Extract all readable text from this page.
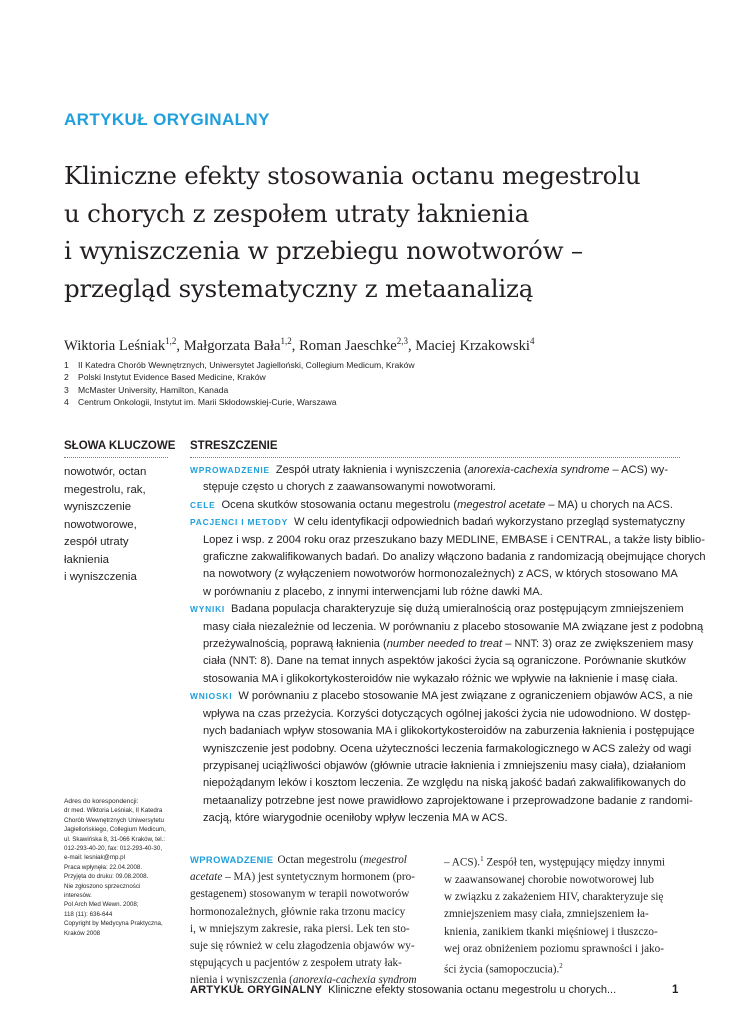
ARTYKUŁ ORYGINALNY
Kliniczne efekty stosowania octanu megestrolu
u chorych z zespołem utraty łaknienia
i wyniszczenia w przebiegu nowotworów –
przegląd systematyczny z metaanalizą
Wiktoria Leśniak$^{1,2}$, Małgorzata Bała$^{1,2}$, Roman Jaeschke$^{2,3}$, Maciej Krzakowski$^4$
1 II Katedra Chorób Wewnętrznych, Uniwersytet Jagielloński, Collegium Medicum, Kraków
2 Polski Instytut Evidence Based Medicine, Kraków
3 McMaster University, Hamilton, Kanada
4 Centrum Onkologii, Instytut im. Marii Skłodowskiej-Curie, Warszawa
SŁOWA KLUCZOWE
nowotwór, octan
megestrolu, rak,
wyniszczenie
nowotworowe,
zespół utraty
łaknienia
i wyniszczenia
STRESZCZENIE
WPROWADZENIE Zespół utraty łaknienia i wyniszczenia (anorexia-cachexia syndrome – ACS) wy-
stępuje często u chorych z zaawansowanymi nowotworami.
CELE Ocena skutków stosowania octanu megestrolu (megestrol acetate – MA) u chorych na ACS.
PACJENCI I METODY W celu identyfikacji odpowiednich badań wykorzystano przegląd systematyczny
Lopez i wsp. z 2004 roku oraz przeszukano bazy MEDLINE, EMBASE i CENTRAL, a także listy biblio-
graficzne zakwalifikowanych badań. Do analizy włączono badania z randomizacją obejmujące chorych
na nowotwory (z wyłączeniem nowotworów hormonozależnych) z ACS, w których stosowano MA
w porównaniu z placebo, z innymi interwencjami lub różne dawki MA.
WYNIKI Badana populacja charakteryzuje się dużą umieralnością oraz postępującym zmniejszeniem
masy ciała niezależnie od leczenia. W porównaniu z placebo stosowanie MA związane jest z podobną
przeżywalnością, poprawą łaknienia (number needed to treat – NNT: 3) oraz ze zwiększeniem masy
ciała (NNT: 8). Dane na temat innych aspektów jakości życia są ograniczone. Porównanie skutków
stosowania MA i glikokortykosteroidów nie wykazało różnic we wpływie na łaknienie i masę ciała.
WNIOSKI W porównaniu z placebo stosowanie MA jest związane z ograniczeniem objawów ACS, a nie
wpływa na czas przeżycia. Korzyści dotyczących ogólnej jakości życia nie udowodniono. W dostęp-
nych badaniach wpływ stosowania MA i glikokortykosteroidów na zaburzenia łaknienia i postępujące
wyniszczenie jest podobny. Ocena użyteczności leczenia farmakologicznego w ACS zależy od wagi
przypisanej uciążliwości objawów (głównie utracie łaknienia i zmniejszeniu masy ciała), działaniom
niepożądanym leków i kosztom leczenia. Ze względu na niską jakość badań zakwalifikowanych do
metaanalizy potrzebne jest nowe prawidłowo zaprojektowane i przeprowadzone badanie z randomi-
zacją, które wiarygodnie oceniłoby wpływ leczenia MA w ACS.
Adres do korespondencji:
dr med. Wiktoria Leśniak, II Katedra
Chorób Wewnętrznych Uniwersytetu
Jagiellońskiego, Collegium Medicum,
ul. Skawińska 8, 31-066 Kraków, tel.:
012-293-40-20, fax: 012-293-40-30,
e-mail: lesniak@mp.pl
Praca wpłynęła: 22.04.2008.
Przyjęta do druku: 09.08.2008.
Nie zgłoszono sprzeczności
interesów.
Pol Arch Med Wewn. 2008;
118 (11): 636-644
Copyright by Medycyna Praktyczna,
Kraków 2008
WPROWADZENIE Octan megestrolu (megestrol
acetate – MA) jest syntetycznym hormonem (pro-
gestagenem) stosowanym w terapii nowotworów
hormonozależnych, głównie raka trzonu macicy
i, w mniejszym zakresie, raka piersi. Lek ten sto-
suje się również w celu złagodzenia objawów wy-
stępujących u pacjentów z zespołem utraty łak-
nienia i wyniszczenia (anorexia-cachexia syndrom
– ACS).$^1$ Zespół ten, występujący między innymi
w zaawansowanej chorobie nowotworowej lub
w związku z zakażeniem HIV, charakteryzuje się
zmniejszeniem masy ciała, zmniejszeniem ła-
knienia, zanikiem tkanki mięśniowej i tłuszczo-
wej oraz obniżeniem poziomu sprawności i jako-
ści życia (samopoczucia).$^2$
ARTYKUŁ ORYGINALNY Kliniczne efekty stosowania octanu megestrolu u chorych...	1
